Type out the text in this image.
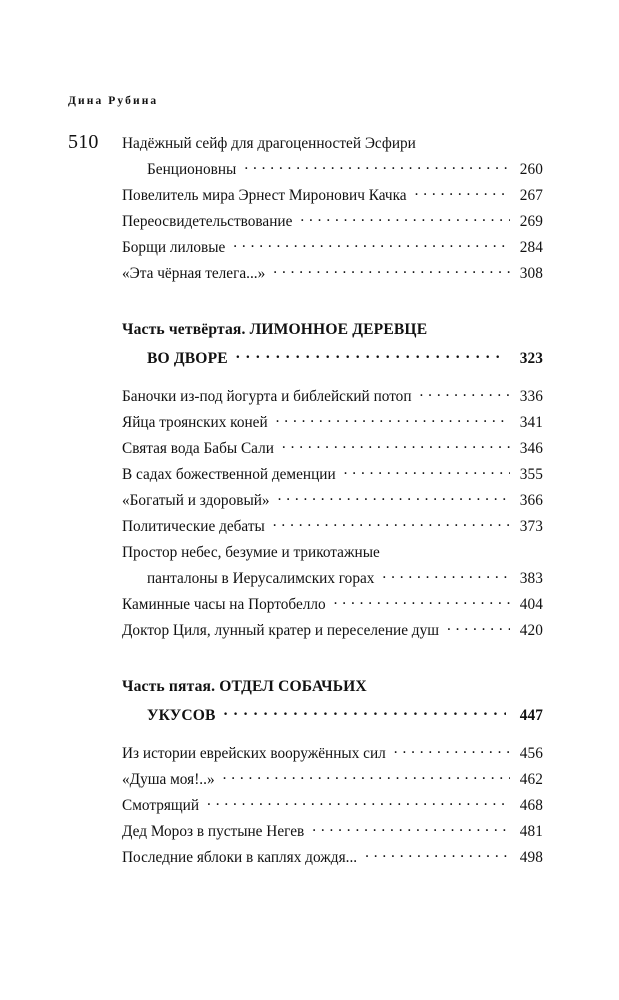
Дина Рубина
510 Надёжный сейф для драгоценностей Эсфири
Бенционовны . . .	260
Повелитель мира Эрнест Миронович Качка . . .	267
Переосвидетельствование . . .	269
Борщи лиловые . . .	284
«Эта чёрная телега...» . . .	308
Часть четвёртая. ЛИМОННОЕ ДЕРЕВЦЕ
ВО ДВОРЕ . . .	323
Баночки из-под йогурта и библейский потоп . . .	336
Яйца троянских коней . . .	341
Святая вода Бабы Сали . . .	346
В садах божественной деменции . . .	355
«Богатый и здоровый» . . .	366
Политические дебаты . . .	373
Простор небес, безумие и трикотажные
панталоны в Иерусалимских горах . . .	383
Каминные часы на Портобелло . . .	404
Доктор Циля, лунный кратер и переселение душ . . .	420
Часть пятая. ОТДЕЛ СОБАЧЬИХ
УКУСОВ . . .	447
Из истории еврейских вооружённых сил . . .	456
«Душа моя!..» . . .	462
Смотрящий . . .	468
Дед Мороз в пустыне Негев . . .	481
Последние яблоки в каплях дождя... . . .	498
